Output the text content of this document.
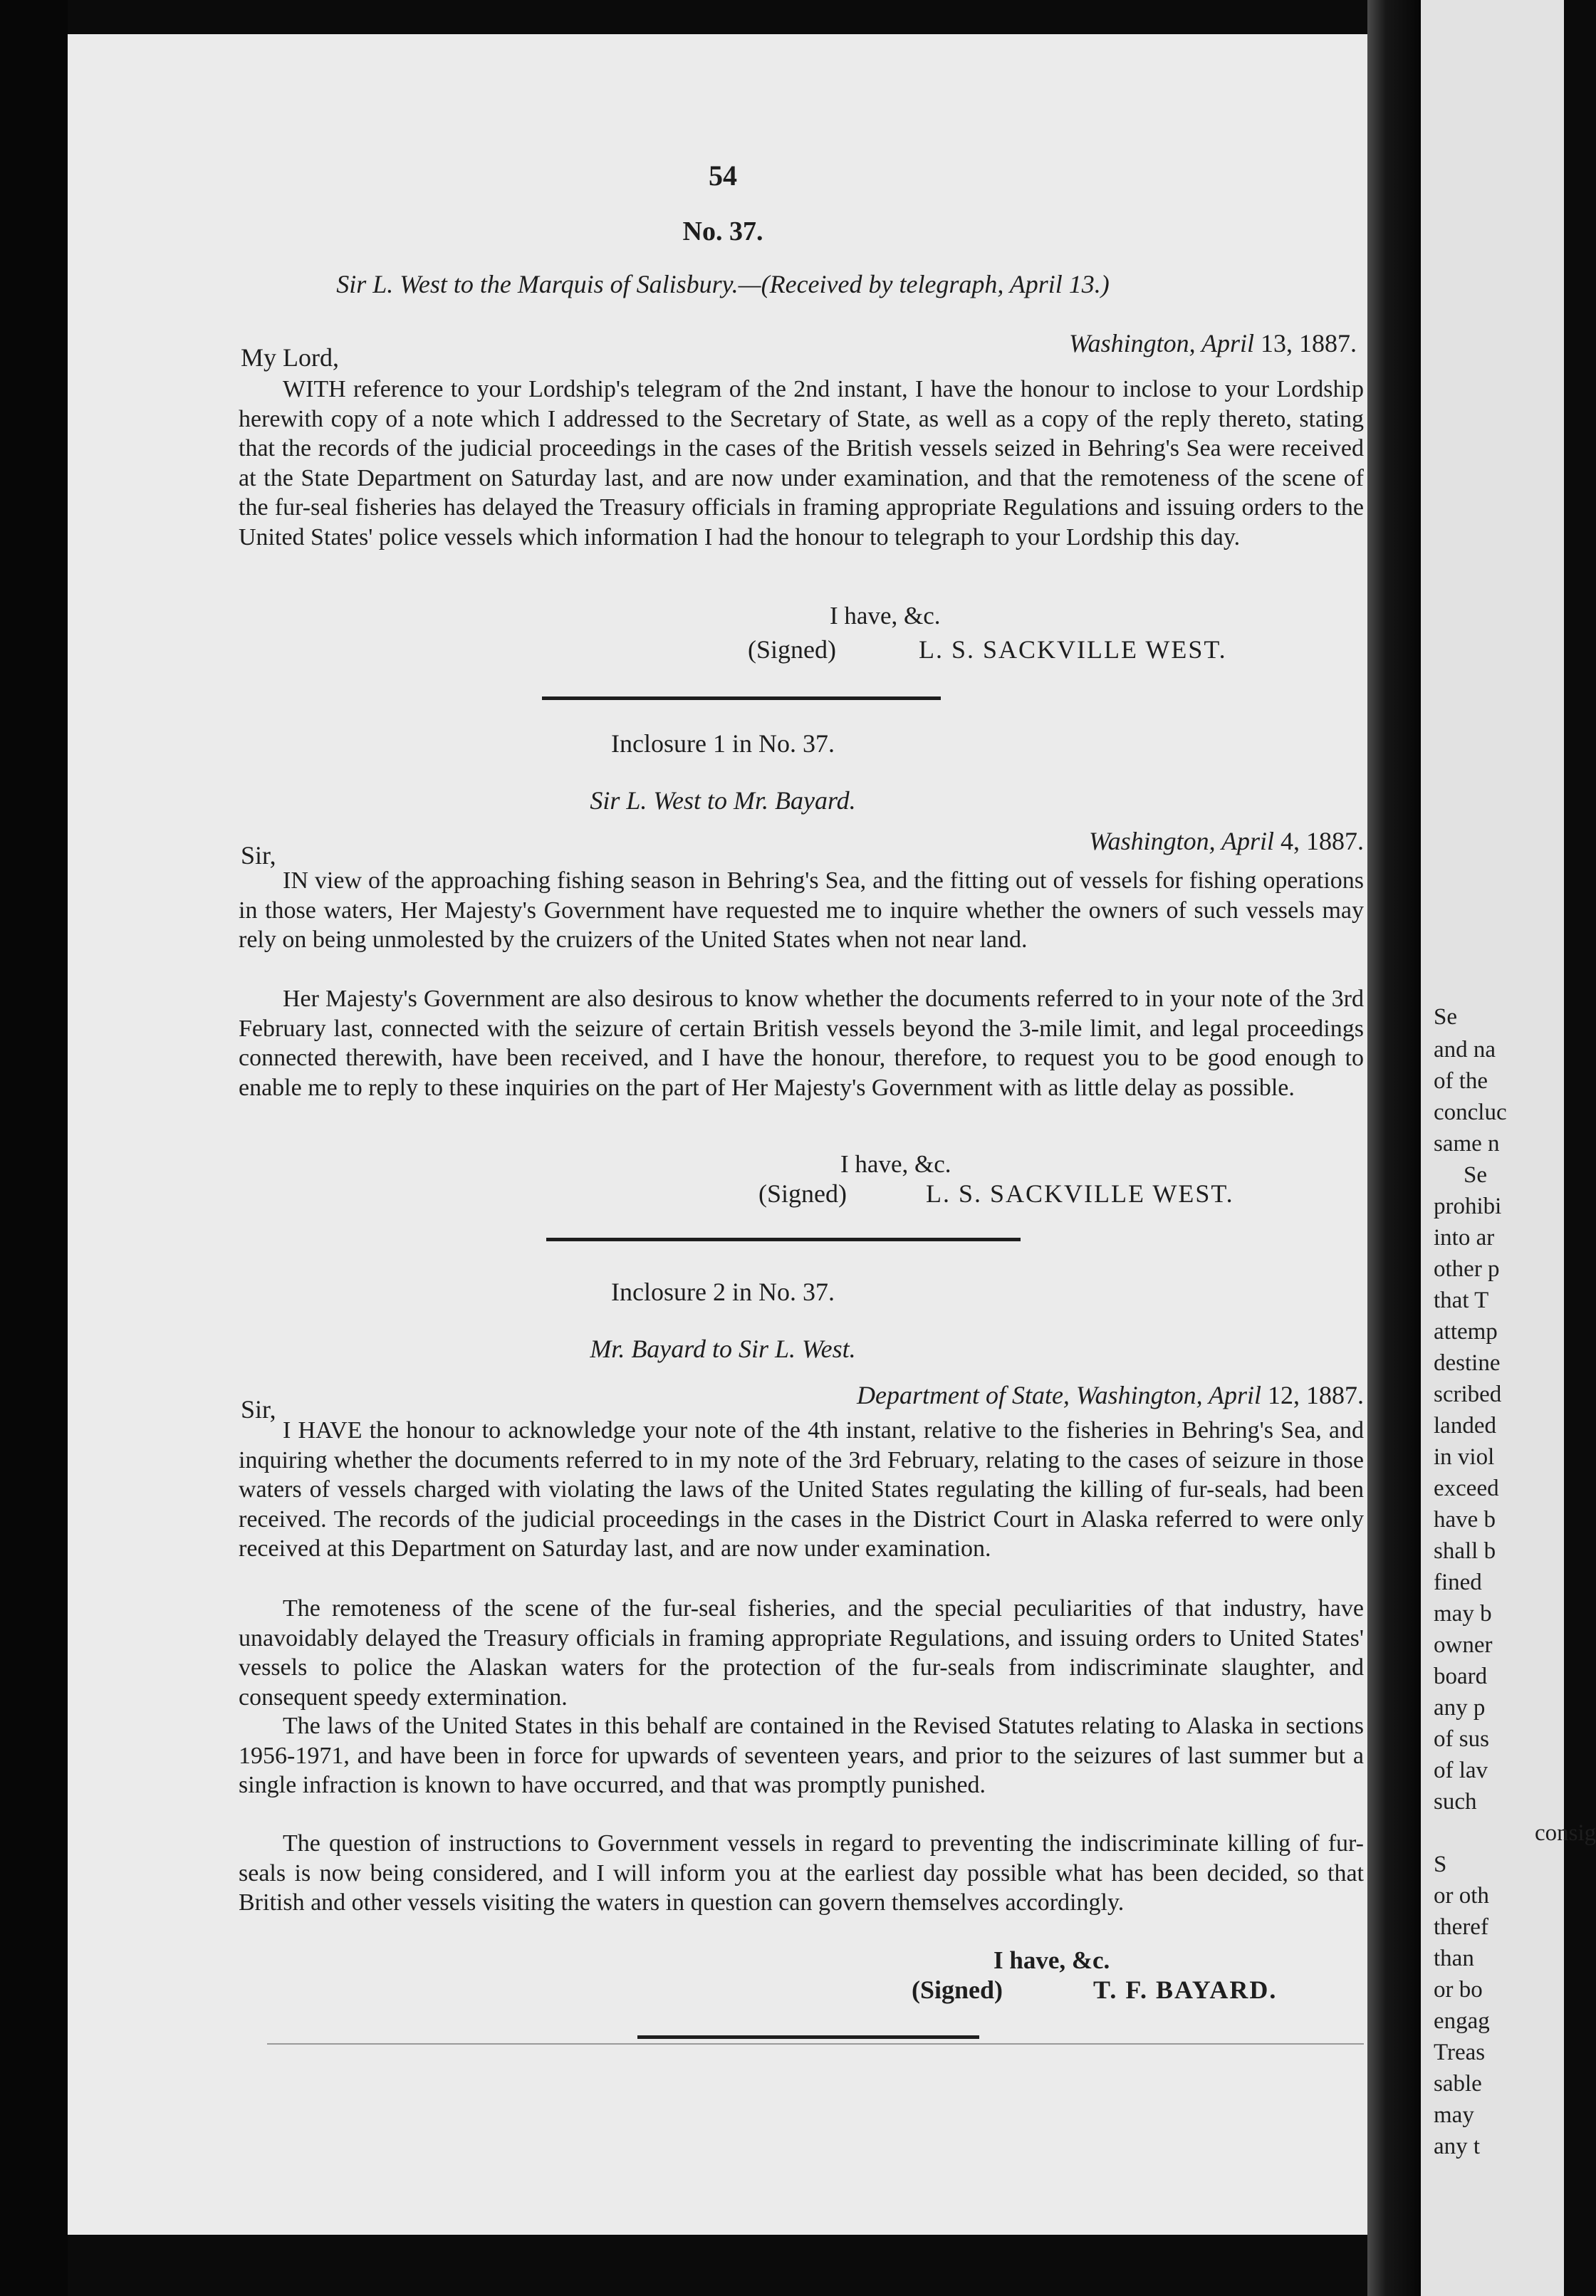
54
No. 37.
Sir L. West to the Marquis of Salisbury.—(Received by telegraph, April 13.)
My Lord,	Washington, April 13, 1887.

WITH reference to your Lordship's telegram of the 2nd instant, I have the honour to inclose to your Lordship herewith copy of a note which I addressed to the Secretary of State, as well as a copy of the reply thereto, stating that the records of the judicial proceedings in the cases of the British vessels seized in Behring's Sea were received at the State Department on Saturday last, and are now under examination, and that the remoteness of the scene of the fur-seal fisheries has delayed the Treasury officials in framing appropriate Regulations and issuing orders to the United States' police vessels which information I had the honour to telegraph to your Lordship this day.

I have, &c.
(Signed)	L. S. SACKVILLE WEST.
Inclosure 1 in No. 37.
Sir L. West to Mr. Bayard.
Sir,	Washington, April 4, 1887.

IN view of the approaching fishing season in Behring's Sea, and the fitting out of vessels for fishing operations in those waters, Her Majesty's Government have requested me to inquire whether the owners of such vessels may rely on being unmolested by the cruizers of the United States when not near land.

Her Majesty's Government are also desirous to know whether the documents referred to in your note of the 3rd February last, connected with the seizure of certain British vessels beyond the 3-mile limit, and legal proceedings connected therewith, have been received, and I have the honour, therefore, to request you to be good enough to enable me to reply to these inquiries on the part of Her Majesty's Government with as little delay as possible.

I have, &c.
(Signed)	L. S. SACKVILLE WEST.
Inclosure 2 in No. 37.
Mr. Bayard to Sir L. West.
Sir,	Department of State, Washington, April 12, 1887.

I HAVE the honour to acknowledge your note of the 4th instant, relative to the fisheries in Behring's Sea, and inquiring whether the documents referred to in my note of the 3rd February, relating to the cases of seizure in those waters of vessels charged with violating the laws of the United States regulating the killing of fur-seals, had been received. The records of the judicial proceedings in the cases in the District Court in Alaska referred to were only received at this Department on Saturday last, and are now under examination.

The remoteness of the scene of the fur-seal fisheries, and the special peculiarities of that industry, have unavoidably delayed the Treasury officials in framing appropriate Regulations, and issuing orders to United States' vessels to police the Alaskan waters for the protection of the fur-seals from indiscriminate slaughter, and consequent speedy extermination.

The laws of the United States in this behalf are contained in the Revised Statutes relating to Alaska in sections 1956-1971, and have been in force for upwards of seventeen years, and prior to the seizures of last summer but a single infraction is known to have occurred, and that was promptly punished.

The question of instructions to Government vessels in regard to preventing the indiscriminate killing of fur-seals is now being considered, and I will inform you at the earliest day possible what has been decided, so that British and other vessels visiting the waters in question can govern themselves accordingly.

I have, &c.
(Signed)	T. F. BAYARD.
Se
and na
of the
concluc
same n
Se
prohibi
into ar
other p
that T
attemp
destine
scribed
landed
in viol
exceed
have b
shall b
fined
may b
owner
board
any p
of sus
of lav
such
consig
S
or oth
theref
than
or bo
engag
Treas
sable
may
any t
